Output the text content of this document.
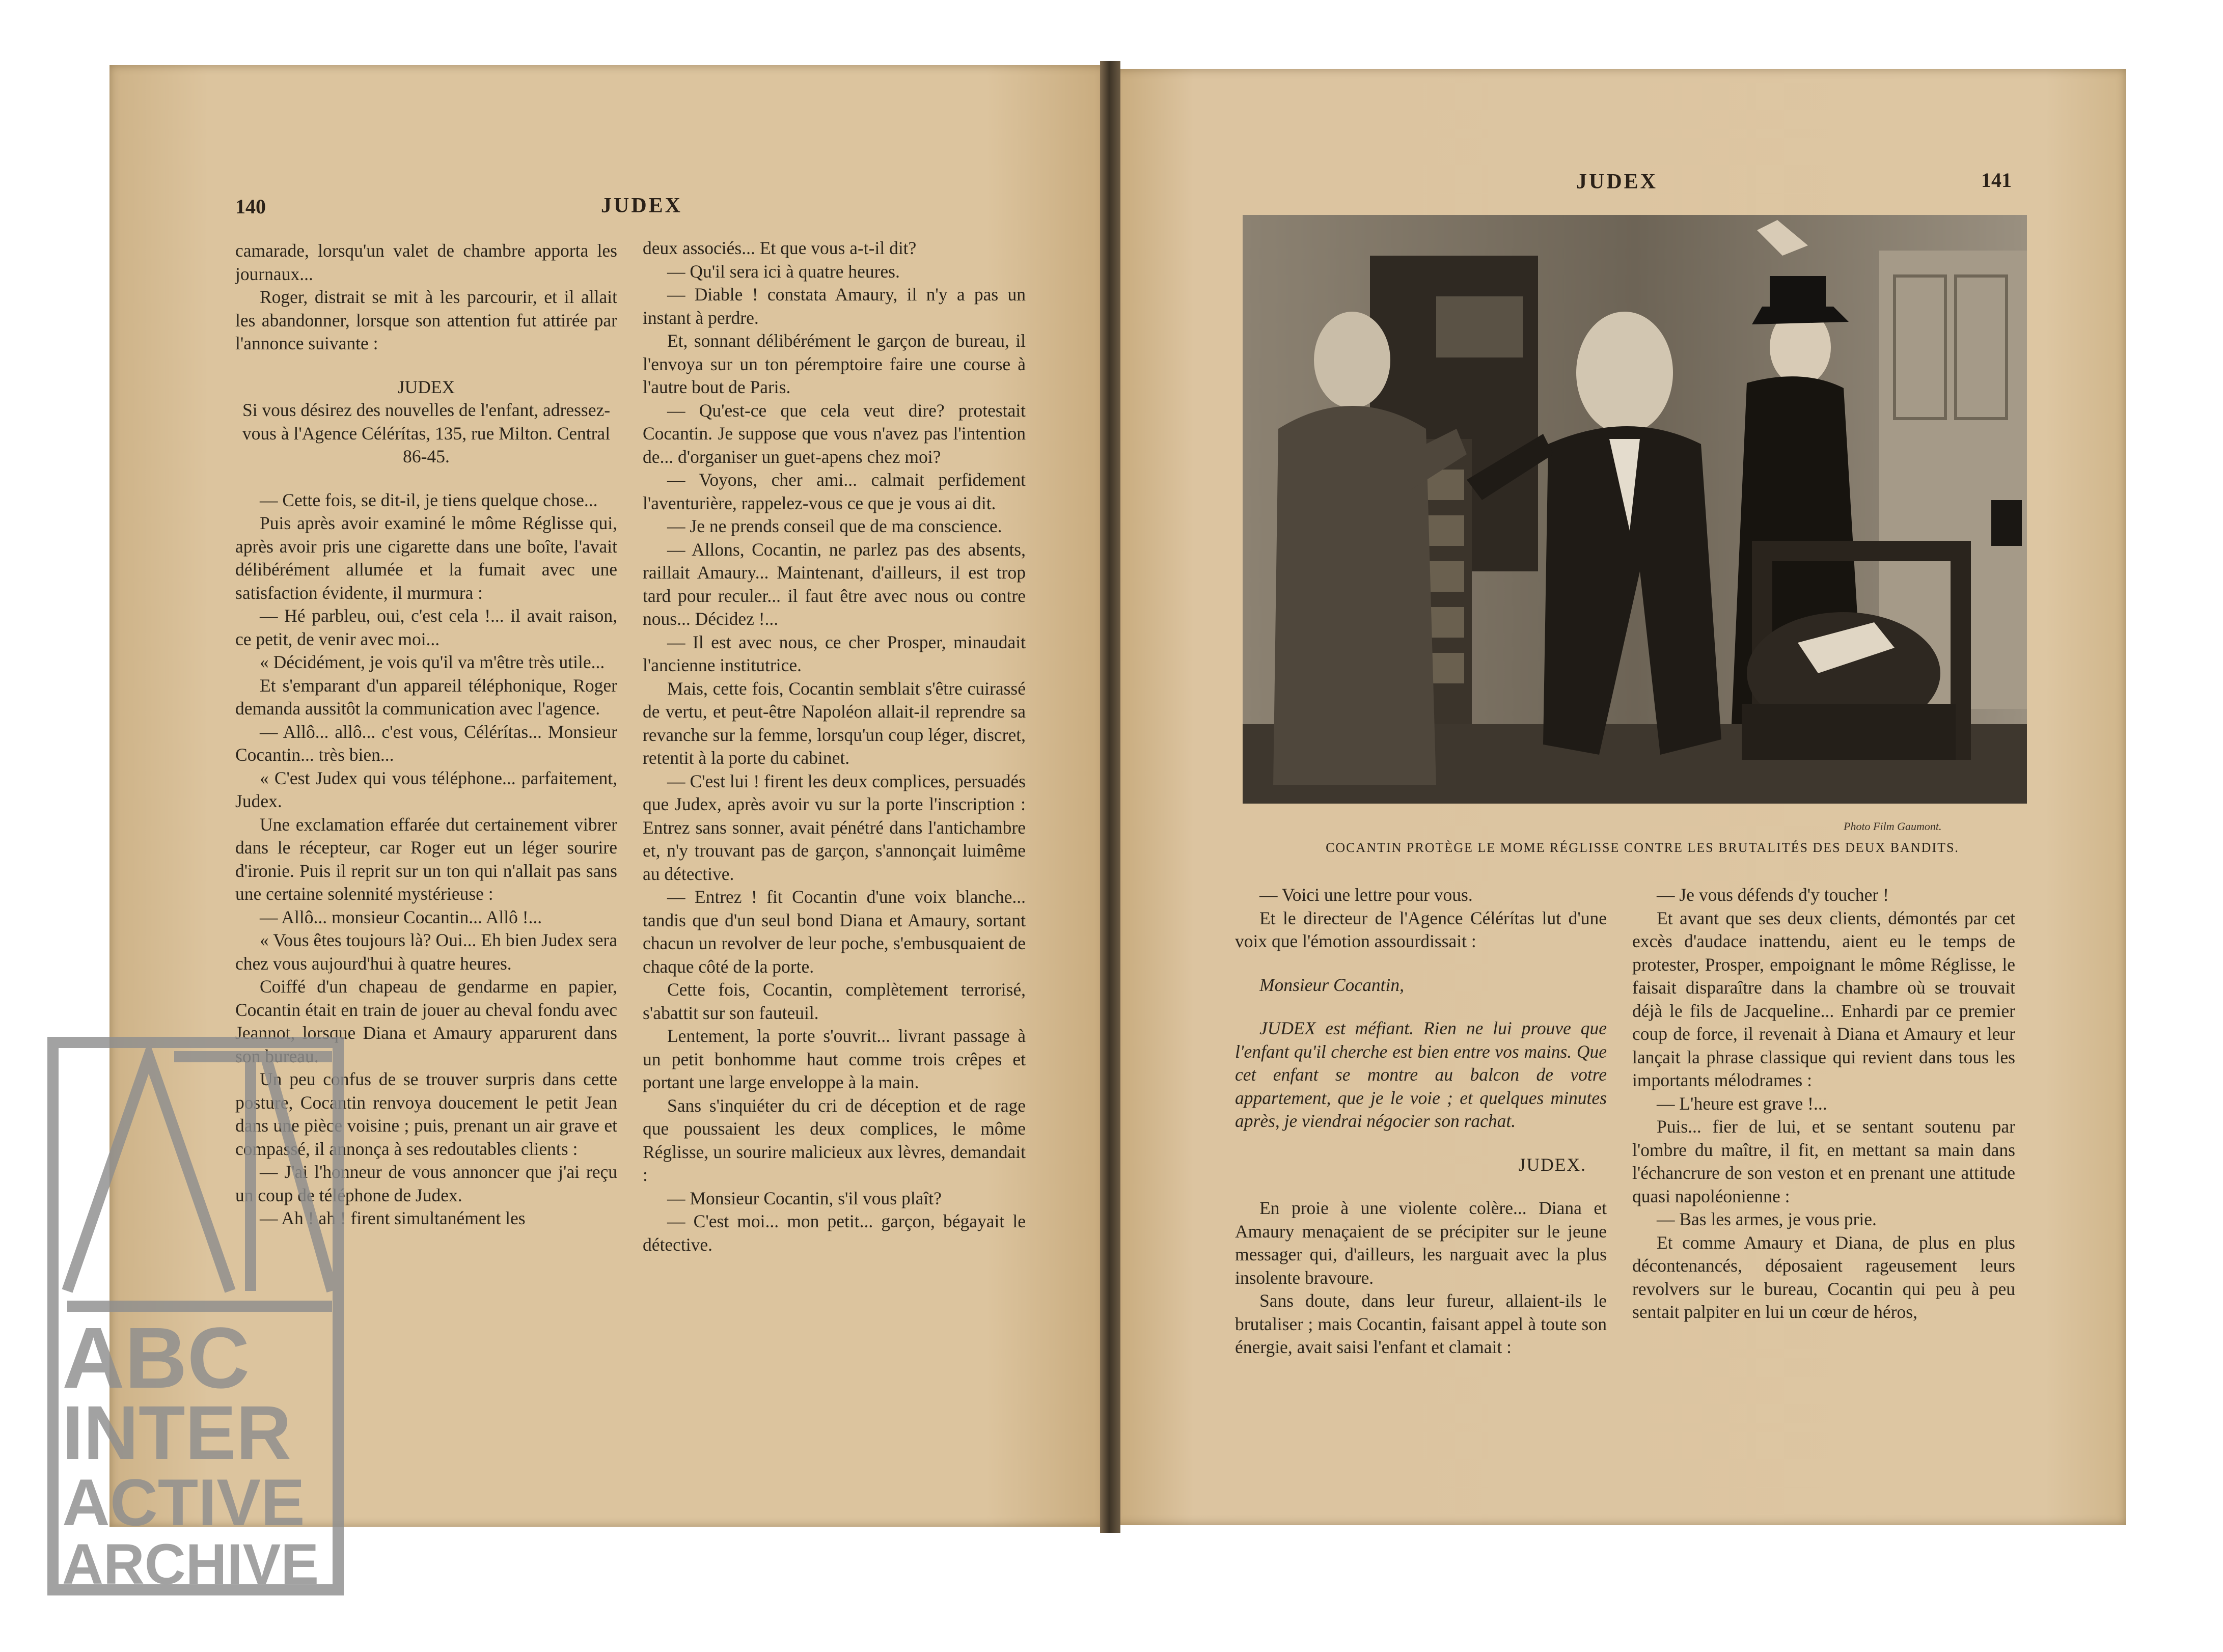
140	JUDEX

camarade, lorsqu'un valet de chambre apporta les journaux...

Roger, distrait se mit à les parcourir, et il allait les abandonner, lorsque son attention fut attirée par l'annonce suivante :

JUDEX

Si vous désirez des nouvelles de l'enfant, adressez-vous à l'Agence Célérítas, 135, rue Milton. Central 86-45.

— Cette fois, se dit-il, je tiens quelque chose...

Puis après avoir examiné le môme Réglisse qui, après avoir pris une cigarette dans une boîte, l'avait délibérément allumée et la fumait avec une satisfaction évidente, il murmura :

— Hé parbleu, oui, c'est cela !... il avait raison, ce petit, de venir avec moi...

« Décidément, je vois qu'il va m'être très utile...

Et s'emparant d'un appareil téléphonique, Roger demanda aussitôt la communication avec l'agence.

— Allô... allô... c'est vous, Célérítas... Monsieur Cocantin... très bien...

« C'est Judex qui vous téléphone... parfaitement, Judex.

Une exclamation effarée dut certainement vibrer dans le récepteur, car Roger eut un léger sourire d'ironie. Puis il reprit sur un ton qui n'allait pas sans une certaine solennité mystérieuse :

— Allô... monsieur Cocantin... Allô !...

« Vous êtes toujours là? Oui... Eh bien Judex sera chez vous aujourd'hui à quatre heures.

Coiffé d'un chapeau de gendarme en papier, Cocantin était en train de jouer au cheval fondu avec Jeannot, lorsque Diana et Amaury apparurent dans son bureau.

Un peu confus de se trouver surpris dans cette posture, Cocantin renvoya doucement le petit Jean dans une pièce voisine ; puis, prenant un air grave et compassé, il annonça à ses redoutables clients :

— J'ai l'honneur de vous annoncer que j'ai reçu un coup de téléphone de Judex.

— Ah ! ah ! firent simultanément les

deux associés... Et que vous a-t-il dit?

— Qu'il sera ici à quatre heures.

— Diable ! constata Amaury, il n'y a pas un instant à perdre.

Et, sonnant délibérément le garçon de bureau, il l'envoya sur un ton péremptoire faire une course à l'autre bout de Paris.

— Qu'est-ce que cela veut dire? protestait Cocantin. Je suppose que vous n'avez pas l'intention de... d'organiser un guet-apens chez moi?

— Voyons, cher ami... calmait perfidement l'aventurière, rappelez-vous ce que je vous ai dit.

— Je ne prends conseil que de ma conscience.

— Allons, Cocantin, ne parlez pas des absents, raillait Amaury... Maintenant, d'ailleurs, il est trop tard pour reculer... il faut être avec nous ou contre nous... Décidez !...

— Il est avec nous, ce cher Prosper, minaudait l'ancienne institutrice.

Mais, cette fois, Cocantin semblait s'être cuirassé de vertu, et peut-être Napoléon allait-il reprendre sa revanche sur la femme, lorsqu'un coup léger, discret, retentit à la porte du cabinet.

— C'est lui ! firent les deux complices, persuadés que Judex, après avoir vu sur la porte l'inscription : Entrez sans sonner, avait pénétré dans l'antichambre et, n'y trouvant pas de garçon, s'annonçait luimême au détective.

— Entrez ! fit Cocantin d'une voix blanche... tandis que d'un seul bond Diana et Amaury, sortant chacun un revolver de leur poche, s'embusquaient de chaque côté de la porte.

Cette fois, Cocantin, complètement terrorisé, s'abattit sur son fauteuil.

Lentement, la porte s'ouvrit... livrant passage à un petit bonhomme haut comme trois crêpes et portant une large enveloppe à la main.

Sans s'inquiéter du cri de déception et de rage que poussaient les deux complices, le môme Réglisse, un sourire malicieux aux lèvres, demandait :

— Monsieur Cocantin, s'il vous plaît?

— C'est moi... mon petit... garçon, bégayait le détective.

JUDEX	141
Photo Film Gaumont.
COCANTIN PROTÈGE LE MOME RÉGLISSE CONTRE LES BRUTALITÉS DES DEUX BANDITS.

— Voici une lettre pour vous.

Et le directeur de l'Agence Célérítas lut d'une voix que l'émotion assourdissait :

Monsieur Cocantin,

JUDEX est méfiant. Rien ne lui prouve que l'enfant qu'il cherche est bien entre vos mains. Que cet enfant se montre au balcon de votre appartement, que je le voie ; et quelques minutes après, je viendrai négocier son rachat.

JUDEX.

En proie à une violente colère... Diana et Amaury menaçaient de se précipiter sur le jeune messager qui, d'ailleurs, les narguait avec la plus insolente bravoure.

Sans doute, dans leur fureur, allaient-ils le brutaliser ; mais Cocantin, faisant appel à toute son énergie, avait saisi l'enfant et clamait :

— Je vous défends d'y toucher !

Et avant que ses deux clients, démontés par cet excès d'audace inattendu, aient eu le temps de protester, Prosper, empoignant le môme Réglisse, le faisait disparaître dans la chambre où se trouvait déjà le fils de Jacqueline... Enhardi par ce premier coup de force, il revenait à Diana et Amaury et leur lançait la phrase classique qui revient dans tous les importants mélodrames :

— L'heure est grave !...

Puis... fier de lui, et se sentant soutenu par l'ombre du maître, il fit, en mettant sa main dans l'échancrure de son veston et en prenant une attitude quasi napoléonienne :

— Bas les armes, je vous prie.

Et comme Amaury et Diana, de plus en plus décontenancés, déposaient rageusement leurs revolvers sur le bureau, Cocantin qui peu à peu sentait palpiter en lui un cœur de héros,

ABC
INTER
ACTIVE
ARCHIVE
